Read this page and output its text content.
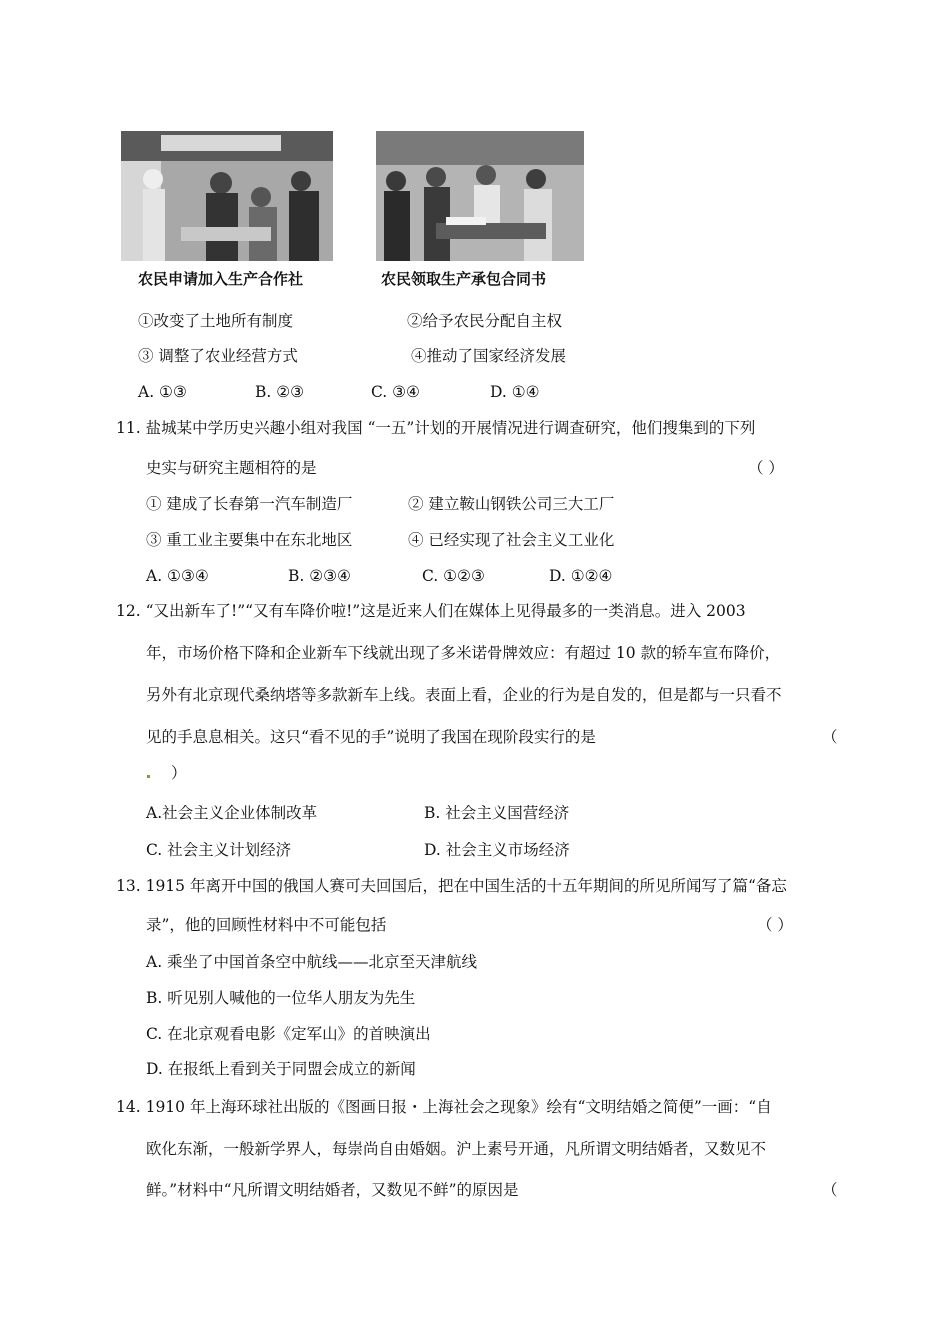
农民申请加入生产合作社	农民领取生产承包合同书
①改变了土地所有制度	②给予农民分配自主权
③ 调整了农业经营方式	④推动了国家经济发展
A. ①③	B. ②③	C. ③④	D. ①④
11. 盐城某中学历史兴趣小组对我国 “一五”计划的开展情况进行调查研究，他们搜集到的下列
史实与研究主题相符的是	（ ）
① 建成了长春第一汽车制造厂	② 建立鞍山钢铁公司三大工厂
③ 重工业主要集中在东北地区	④ 已经实现了社会主义工业化
A. ①③④	B. ②③④	C. ①②③	D. ①②④
12. “又出新车了!”“又有车降价啦!”这是近来人们在媒体上见得最多的一类消息。进入 2003
年，市场价格下降和企业新车下线就出现了多米诺骨牌效应：有超过 10 款的轿车宣布降价，
另外有北京现代桑纳塔等多款新车上线。表面上看，企业的行为是自发的，但是都与一只看不
见的手息息相关。这只“看不见的手”说明了我国在现阶段实行的是	（
）
A.社会主义企业体制改革	B. 社会主义国营经济
C. 社会主义计划经济	D. 社会主义市场经济
13. 1915 年离开中国的俄国人赛可夫回国后，把在中国生活的十五年期间的所见所闻写了篇“备忘
录”，他的回顾性材料中不可能包括	（ ）
A. 乘坐了中国首条空中航线——北京至天津航线
B. 听见别人喊他的一位华人朋友为先生
C. 在北京观看电影《定军山》的首映演出
D. 在报纸上看到关于同盟会成立的新闻
14. 1910 年上海环球社出版的《图画日报・上海社会之现象》绘有“文明结婚之简便”一画：“自
欧化东渐，一般新学界人，每崇尚自由婚姻。沪上素号开通，凡所谓文明结婚者，又数见不
鲜。”材料中“凡所谓文明结婚者，又数见不鲜”的原因是	（
